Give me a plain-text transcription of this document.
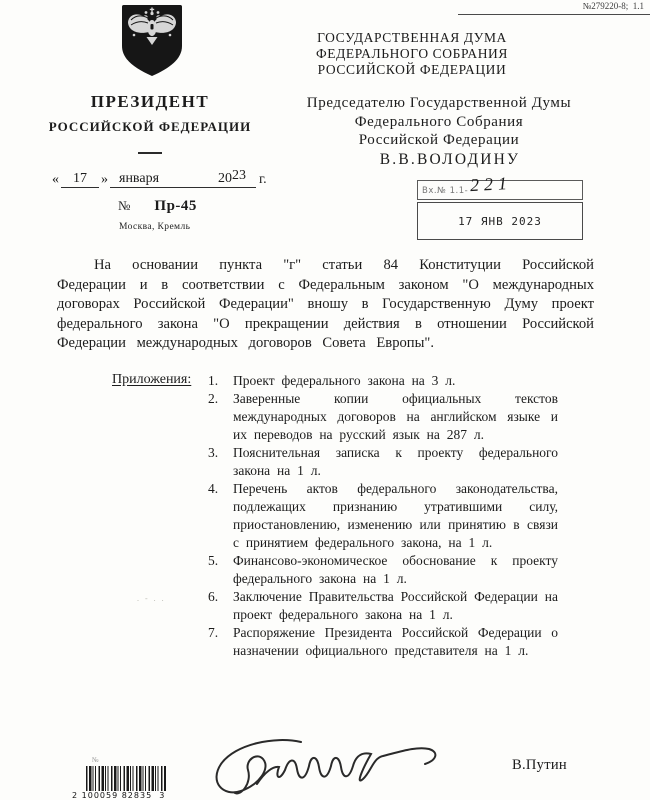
№279220-8;  1.1
ПРЕЗИДЕНТ
РОССИЙСКОЙ ФЕДЕРАЦИИ
ГОСУДАРСТВЕННАЯ ДУМА
ФЕДЕРАЛЬНОГО СОБРАНИЯ
РОССИЙСКОЙ ФЕДЕРАЦИИ
Председателю Государственной Думы
Федерального Собрания
Российской Федерации
В.В.ВОЛОДИНУ
«	17	» января	2023 г.
№ Пр-45
Москва, Кремль
Вх.№ 1.1- 221
17 ЯНВ 2023

На основании пункта "г" статьи 84 Конституции Российской Федерации и в соответствии с Федеральным законом "О международных договорах Российской Федерации" вношу в Государственную Думу проект федерального закона "О прекращении действия в отношении Российской Федерации международных договоров Совета Европы".

Приложения: 1.	Проект федерального закона на 3 л.
2.	Заверенные копии официальных текстов международных договоров на английском языке и их переводов на русский язык на 287 л.
3.	Пояснительная записка к проекту федерального закона на 1 л.
4.	Перечень актов федерального законодательства, подлежащих признанию утратившими силу, приостановлению, изменению или принятию в связи с принятием федерального закона, на 1 л.
5.	Финансово-экономическое обоснование к проекту федерального закона на 1 л.
6.	Заключение Правительства Российской Федерации на проект федерального закона на 1 л.
7.	Распоряжение Президента Российской Федерации о назначении официального представителя на 1 л.
. ‐ . .
В.Путин
№
2 100059 82835  3
